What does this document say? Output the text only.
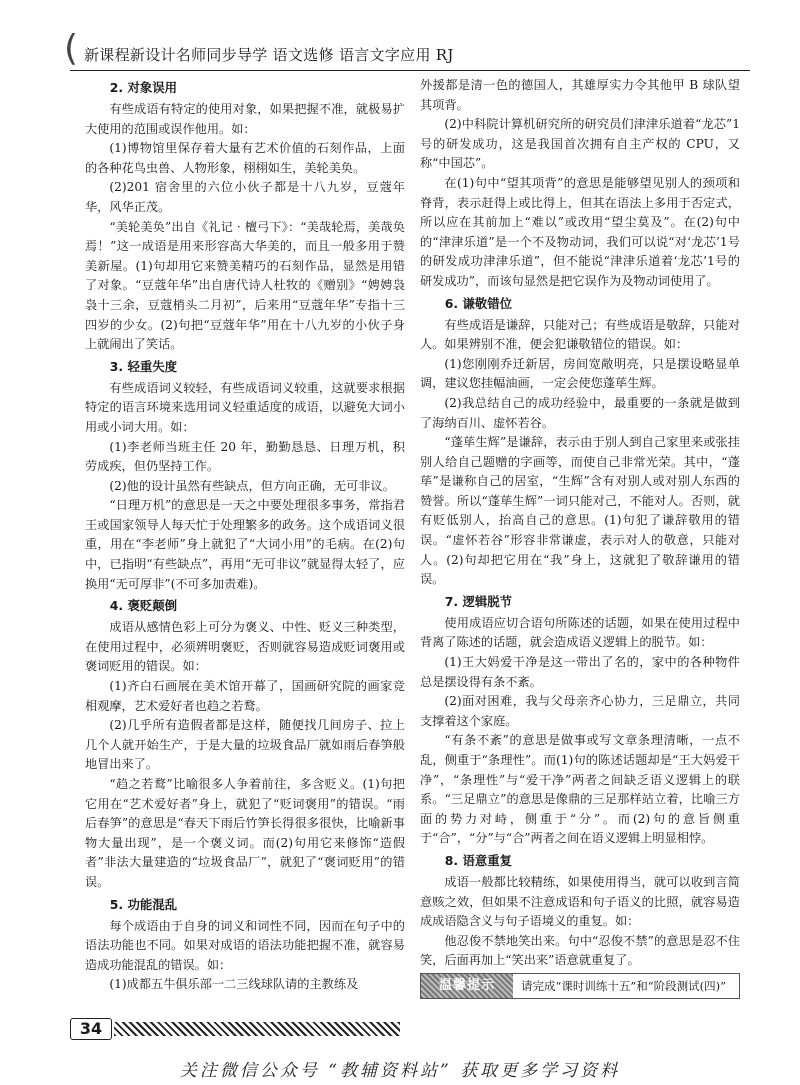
( 新课程新设计名师同步导学 语文选修 语言文字应用 RJ
2. 对象误用

有些成语有特定的使用对象，如果把握不准，就极易扩大使用的范围或误作他用。如：

(1)博物馆里保存着大量有艺术价值的石刻作品，上面的各种花鸟虫兽、人物形象，栩栩如生，美轮美奂。

(2)201 宿舍里的六位小伙子都是十八九岁，豆蔻年华，风华正茂。

“美轮美奂”出自《礼记 · 檀弓下》：“美哉轮焉，美哉奂焉！”这一成语是用来形容高大华美的，而且一般多用于赞美新屋。(1)句却用它来赞美精巧的石刻作品，显然是用错了对象。“豆蔻年华”出自唐代诗人杜牧的《赠别》“娉娉袅袅十三余，豆蔻梢头二月初”，后来用“豆蔻年华”专指十三四岁的少女。(2)句把“豆蔻年华”用在十八九岁的小伙子身上就闹出了笑话。

3. 轻重失度

有些成语词义较轻，有些成语词义较重，这就要求根据特定的语言环境来选用词义轻重适度的成语，以避免大词小用或小词大用。如：

(1)李老师当班主任 20 年，勤勤恳恳、日理万机，积劳成疾，但仍坚持工作。

(2)他的设计虽然有些缺点，但方向正确，无可非议。

“日理万机”的意思是一天之中要处理很多事务，常指君王或国家领导人每天忙于处理繁多的政务。这个成语词义很重，用在“李老师”身上就犯了“大词小用”的毛病。在(2)句中，已指明“有些缺点”，再用“无可非议”就显得太轻了，应换用“无可厚非”(不可多加责难)。

4. 褒贬颠倒

成语从感情色彩上可分为褒义、中性、贬义三种类型，在使用过程中，必须辨明褒贬，否则就容易造成贬词褒用或褒词贬用的错误。如：

(1)齐白石画展在美术馆开幕了，国画研究院的画家竞相观摩，艺术爱好者也趋之若鹜。

(2)几乎所有造假者都是这样，随便找几间房子、拉上几个人就开始生产，于是大量的垃圾食品厂就如雨后春笋般地冒出来了。

“趋之若鹜”比喻很多人争着前往，多含贬义。(1)句把它用在“艺术爱好者”身上，就犯了“贬词褒用”的错误。“雨后春笋”的意思是“春天下雨后竹笋长得很多很快，比喻新事物大量出现”，是一个褒义词。而(2)句用它来修饰“造假者”非法大量建造的“垃圾食品厂”，就犯了“褒词贬用”的错误。

5. 功能混乱

每个成语由于自身的词义和词性不同，因而在句子中的语法功能也不同。如果对成语的语法功能把握不准，就容易造成功能混乱的错误。如：

(1)成都五牛俱乐部一二三线球队请的主教练及

外援都是清一色的德国人，其雄厚实力令其他甲 B 球队望其项背。

(2)中科院计算机研究所的研究员们津津乐道着“龙芯”1号的研发成功，这是我国首次拥有自主产权的 CPU，又称“中国芯”。

在(1)句中“望其项背”的意思是能够望见别人的颈项和脊背，表示赶得上或比得上，但其在语法上多用于否定式，所以应在其前加上“难以”或改用“望尘莫及”。在(2)句中的“津津乐道”是一个不及物动词，我们可以说“对‘龙芯’1号的研发成功津津乐道”，但不能说“津津乐道着‘龙芯’1号的研发成功”，而该句显然是把它误作为及物动词使用了。

6. 谦敬错位

有些成语是谦辞，只能对己；有些成语是敬辞，只能对人。如果辨别不准，便会犯谦敬错位的错误。如：

(1)您刚刚乔迁新居，房间宽敞明亮，只是摆设略显单调，建议您挂幅油画，一定会使您蓬荜生辉。

(2)我总结自己的成功经验中，最重要的一条就是做到了海纳百川、虚怀若谷。

“蓬荜生辉”是谦辞，表示由于别人到自己家里来或张挂别人给自己题赠的字画等，而使自己非常光荣。其中，“蓬荜”是谦称自己的居室，“生辉”含有对别人或对别人东西的赞誉。所以“蓬荜生辉”一词只能对己，不能对人。否则，就有贬低别人，抬高自己的意思。(1)句犯了谦辞敬用的错误。“虚怀若谷”形容非常谦虚，表示对人的敬意，只能对人。(2)句却把它用在“我”身上，这就犯了敬辞谦用的错误。

7. 逻辑脱节

使用成语应切合语句所陈述的话题，如果在使用过程中背离了陈述的话题，就会造成语义逻辑上的脱节。如：

(1)王大妈爱干净是这一带出了名的，家中的各种物件总是摆设得有条不紊。

(2)面对困难，我与父母亲齐心协力，三足鼎立，共同支撑着这个家庭。

“有条不紊”的意思是做事或写文章条理清晰，一点不乱，侧重于“条理性”。而(1)句的陈述话题却是“王大妈爱干净”，“条理性”与“爱干净”两者之间缺乏语义逻辑上的联系。“三足鼎立”的意思是像鼎的三足那样站立着，比喻三方面的势力对峙，侧重于“分”。而(2)句的意旨侧重于“合”，“分”与“合”两者之间在语义逻辑上明显相悖。

8. 语意重复

成语一般都比较精练，如果使用得当，就可以收到言简意赅之效，但如果不注意成语和句子语义的比照，就容易造成成语隐含义与句子语境义的重复。如：

他忍俊不禁地笑出来。句中“忍俊不禁”的意思是忍不住笑，后面再加上“笑出来”语意就重复了。

温馨提示	请完成“课时训练十五”和“阶段测试(四)”
34
关注微信公众号 “教辅资料站” 获取更多学习资料
